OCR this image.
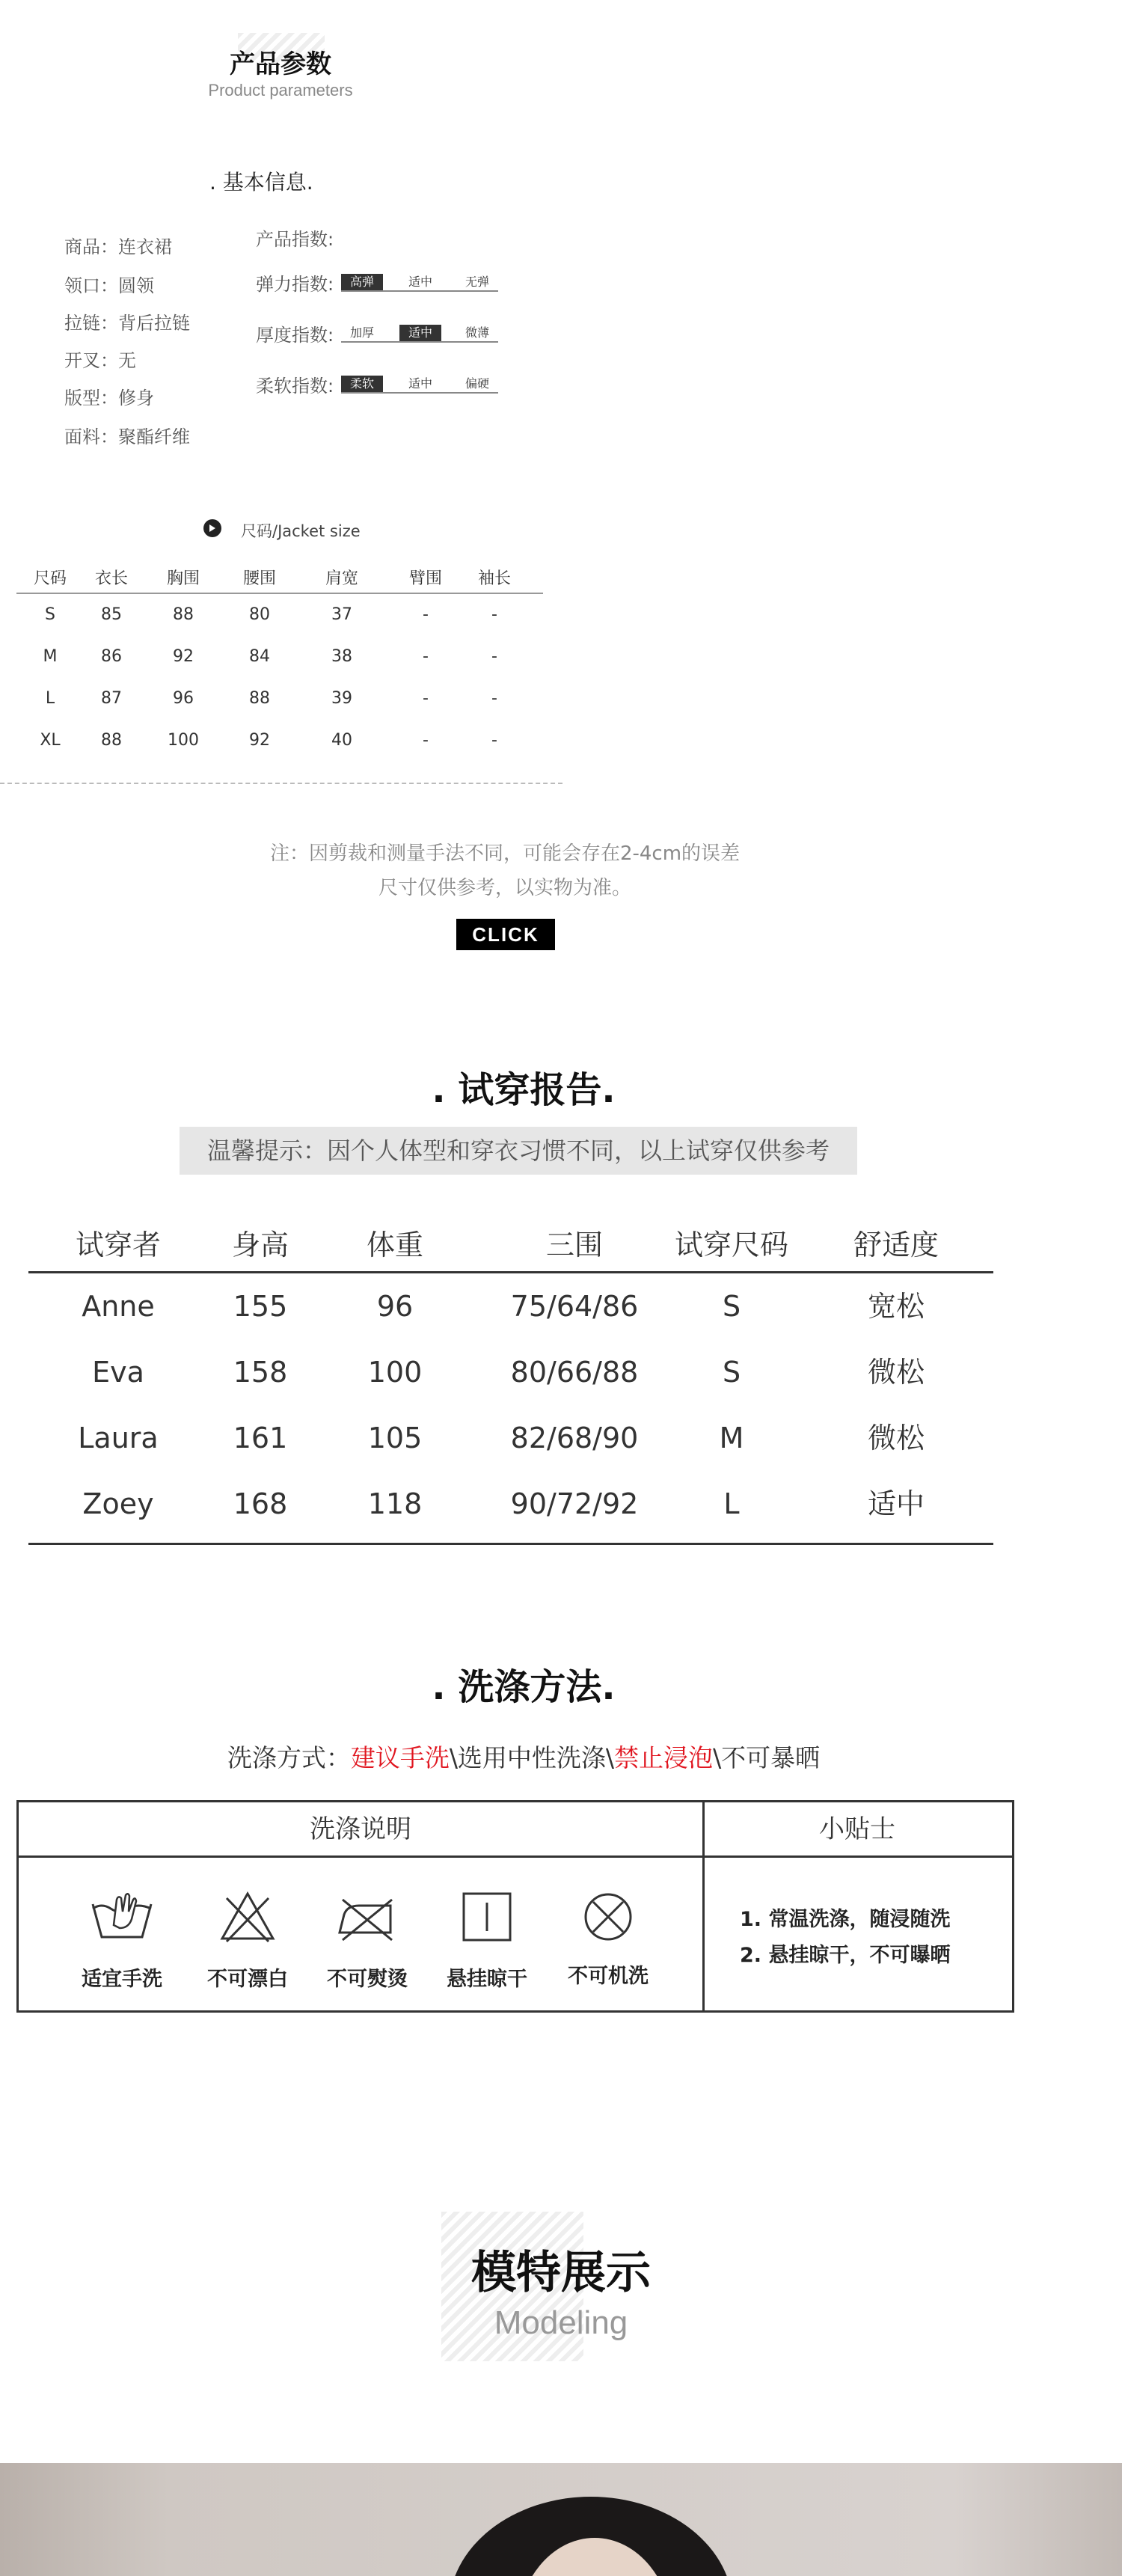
产品参数
Product parameters
. 基本信息.
商品：连衣裙
领口：圆领
拉链：背后拉链
开叉：无
版型：修身
面料：聚酯纤维
产品指数:
弹力指数:	高弹	适中	无弹
厚度指数:	加厚	适中	微薄
柔软指数:	柔软	适中	偏硬
尺码/Jacket size
尺码	衣长	胸围	腰围	肩宽	臂围	袖长
S	85	88	80	37	-	-
M	86	92	84	38	-	-
L	87	96	88	39	-	-
XL	88	100	92	40	-	-
注：因剪裁和测量手法不同，可能会存在2-4cm的误差
尺寸仅供参考，以实物为准。
CLICK
. 试穿报告.
温馨提示：因个人体型和穿衣习惯不同，以上试穿仅供参考
试穿者	身高	体重	三围	试穿尺码	舒适度
Anne	155	96	75/64/86	S	宽松
Eva	158	100	80/66/88	S	微松
Laura	161	105	82/68/90	M	微松
Zoey	168	118	90/72/92	L	适中
. 洗涤方法.
洗涤方式：建议手洗\选用中性洗涤\禁止浸泡\不可暴晒
洗涤说明	小贴士
适宜手洗	不可漂白	不可熨烫	悬挂晾干	不可机洗
1. 常温洗涤，随浸随洗
2. 悬挂晾干，不可曝晒
模特展示
Modeling
